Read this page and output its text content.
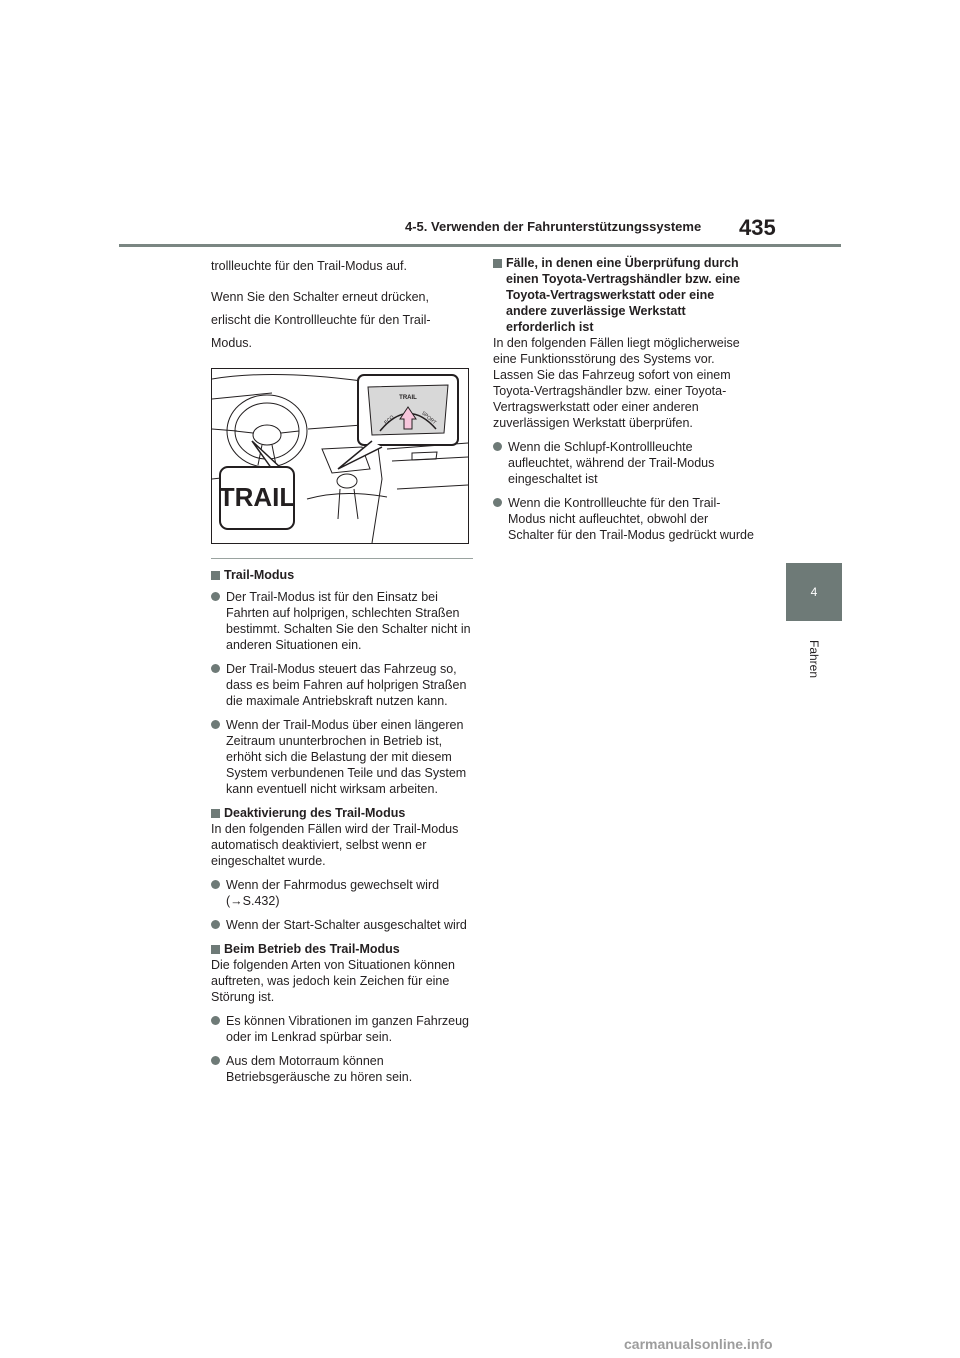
4-5. Verwenden der Fahrunterstützungssysteme 435
4
Fahren

trollleuchte für den Trail-Modus auf.

Wenn Sie den Schalter erneut drücken, erlischt die Kontrollleuchte für den Trail-Modus.

TRAIL
ECO	SPORT
TRAIL
Trail-Modus
Der Trail-Modus ist für den Einsatz bei Fahrten auf holprigen, schlechten Straßen bestimmt. Schalten Sie den Schalter nicht in anderen Situationen ein.
Der Trail-Modus steuert das Fahrzeug so, dass es beim Fahren auf holprigen Straßen die maximale Antriebskraft nutzen kann.
Wenn der Trail-Modus über einen längeren Zeitraum ununterbrochen in Betrieb ist, erhöht sich die Belastung der mit diesem System verbundenen Teile und das System kann eventuell nicht wirksam arbeiten.
Deaktivierung des Trail-Modus

In den folgenden Fällen wird der Trail-Modus automatisch deaktiviert, selbst wenn er eingeschaltet wurde.

Wenn der Fahrmodus gewechselt wird (→S.432)
Wenn der Start-Schalter ausgeschaltet wird
Beim Betrieb des Trail-Modus

Die folgenden Arten von Situationen können auftreten, was jedoch kein Zeichen für eine Störung ist.

Es können Vibrationen im ganzen Fahrzeug oder im Lenkrad spürbar sein.
Aus dem Motorraum können Betriebsgeräusche zu hören sein.
Fälle, in denen eine Überprüfung durch einen Toyota-Vertragshändler bzw. eine Toyota-Vertragswerkstatt oder eine andere zuverlässige Werkstatt erforderlich ist

In den folgenden Fällen liegt möglicherweise eine Funktionsstörung des Systems vor. Lassen Sie das Fahrzeug sofort von einem Toyota-Vertragshändler bzw. einer Toyota-Vertragswerkstatt oder einer anderen zuverlässigen Werkstatt überprüfen.

Wenn die Schlupf-Kontrollleuchte aufleuchtet, während der Trail-Modus eingeschaltet ist
Wenn die Kontrollleuchte für den Trail-Modus nicht aufleuchtet, obwohl der Schalter für den Trail-Modus gedrückt wurde
carmanualsonline.info
